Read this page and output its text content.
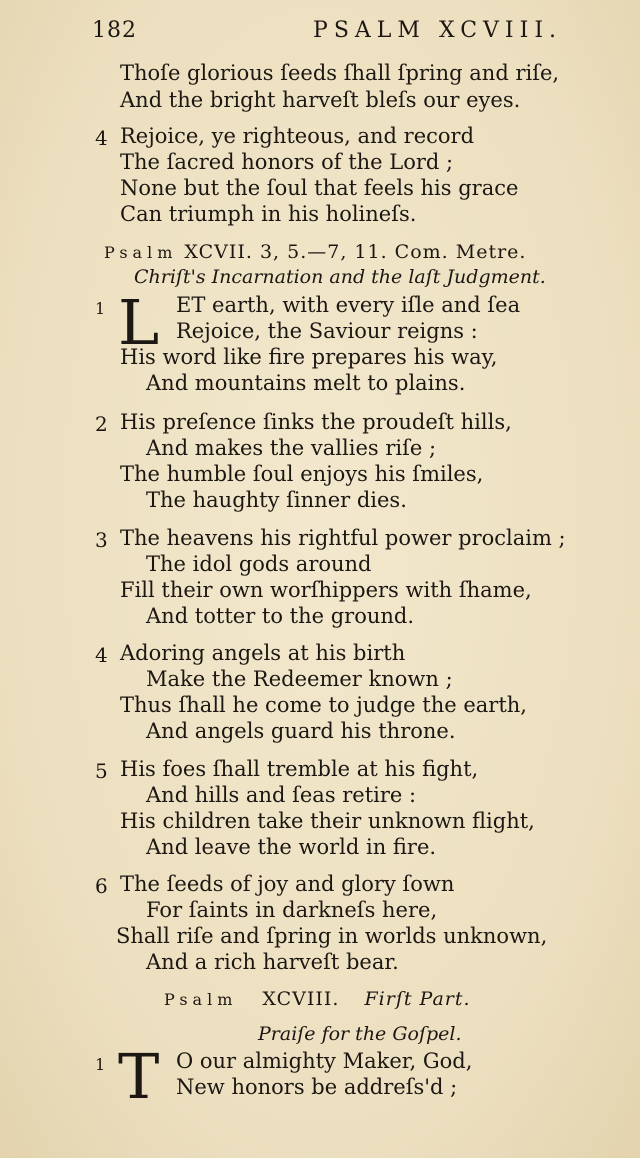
182	PSALM XCVIII.
Thoſe glorious ſeeds ſhall ſpring and riſe,
And the bright harveſt bleſs our eyes.
4 Rejoice, ye righteous, and record
The ſacred honors of the Lord ;
None but the ſoul that feels his grace
Can triumph in his holineſs.
Psalm XCVII. 3, 5.—7, 11. Com. Metre.
Chriſt's Incarnation and the laſt Judgment.
1 L ET earth, with every iſle and ſea
Rejoice, the Saviour reigns :
His word like fire prepares his way,
And mountains melt to plains.
2 His preſence ſinks the proudeſt hills,
And makes the vallies riſe ;
The humble ſoul enjoys his ſmiles,
The haughty ſinner dies.
3 The heavens his rightful power proclaim ;
The idol gods around
Fill their own worſhippers with ſhame,
And totter to the ground.
4 Adoring angels at his birth
Make the Redeemer known ;
Thus ſhall he come to judge the earth,
And angels guard his throne.
5 His foes ſhall tremble at his fight,
And hills and ſeas retire :
His children take their unknown flight,
And leave the world in fire.
6 The ſeeds of joy and glory ſown
For ſaints in darkneſs here,
Shall riſe and ſpring in worlds unknown,
And a rich harveſt bear.
Psalm XCVIII. Firſt Part.
Praiſe for the Goſpel.
1 T O our almighty Maker, God,
New honors be addreſs'd ;
